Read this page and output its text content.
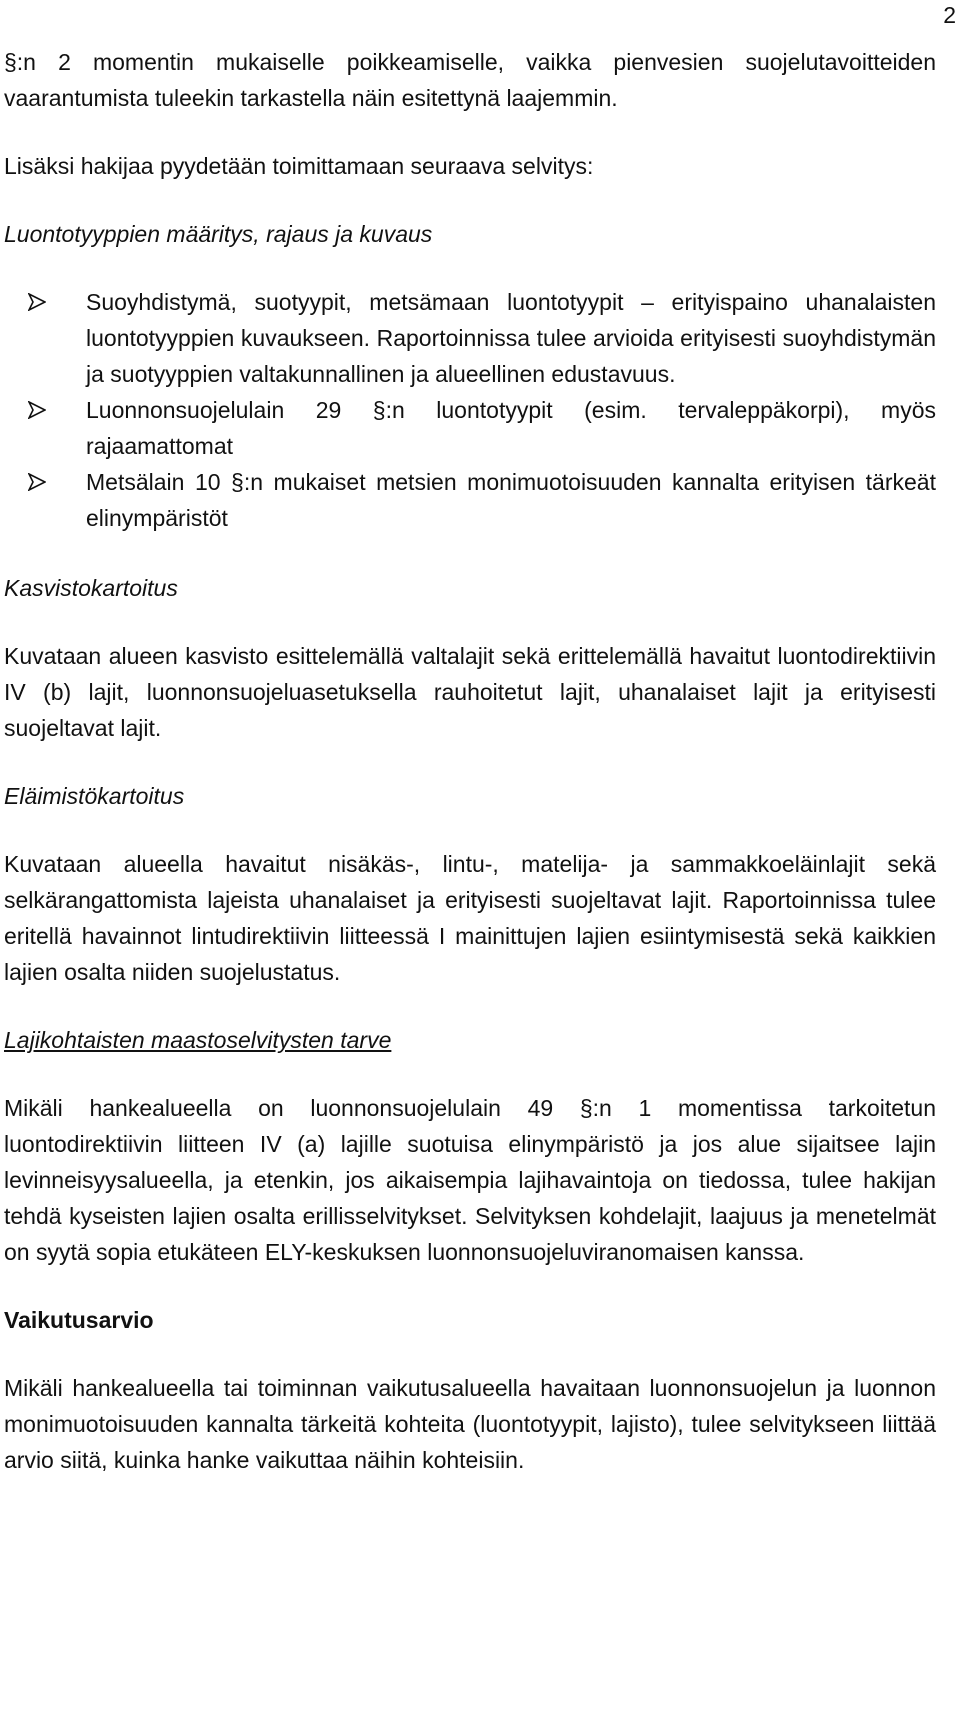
2

§:n 2 momentin mukaiselle poikkeamiselle, vaikka pienvesien suojelutavoitteiden vaarantumista tuleekin tarkastella näin esitettynä laajemmin.

Lisäksi hakijaa pyydetään toimittamaan seuraava selvitys:

Luontotyyppien määritys, rajaus ja kuvaus

Suoyhdistymä, suotyypit, metsämaan luontotyypit – erityispaino uhanalaisten luontotyyppien kuvaukseen. Raportoinnissa tulee arvioida erityisesti suoyhdistymän ja suotyyppien valtakunnallinen ja alueellinen edustavuus.
Luonnonsuojelulain 29 §:n luontotyypit (esim. tervaleppäkorpi), myös rajaamattomat
Metsälain 10 §:n mukaiset metsien monimuotoisuuden kannalta erityisen tärkeät elinympäristöt

Kasvistokartoitus

Kuvataan alueen kasvisto esittelemällä valtalajit sekä erittelemällä havaitut luontodirektiivin IV (b) lajit, luonnonsuojeluasetuksella rauhoitetut lajit, uhanalaiset lajit ja erityisesti suojeltavat lajit.

Eläimistökartoitus

Kuvataan alueella havaitut nisäkäs-, lintu-, matelija- ja sammakkoeläinlajit sekä selkärangattomista lajeista uhanalaiset ja erityisesti suojeltavat lajit. Raportoinnissa tulee eritellä havainnot lintudirektiivin liitteessä I mainittujen lajien esiintymisestä sekä kaikkien lajien osalta niiden suojelustatus.

Lajikohtaisten maastoselvitysten tarve

Mikäli hankealueella on luonnonsuojelulain 49 §:n 1 momentissa tarkoitetun luontodirektiivin liitteen IV (a) lajille suotuisa elinympäristö ja jos alue sijaitsee lajin levinneisyysalueella, ja etenkin, jos aikaisempia lajihavaintoja on tiedossa, tulee hakijan tehdä kyseisten lajien osalta erillisselvitykset. Selvityksen kohdelajit, laajuus ja menetelmät on syytä sopia etukäteen ELY-keskuksen luonnonsuojeluviranomaisen kanssa.

Vaikutusarvio

Mikäli hankealueella tai toiminnan vaikutusalueella havaitaan luonnonsuojelun ja luonnon monimuotoisuuden kannalta tärkeitä kohteita (luontotyypit, lajisto), tulee selvitykseen liittää arvio siitä, kuinka hanke vaikuttaa näihin kohteisiin.
